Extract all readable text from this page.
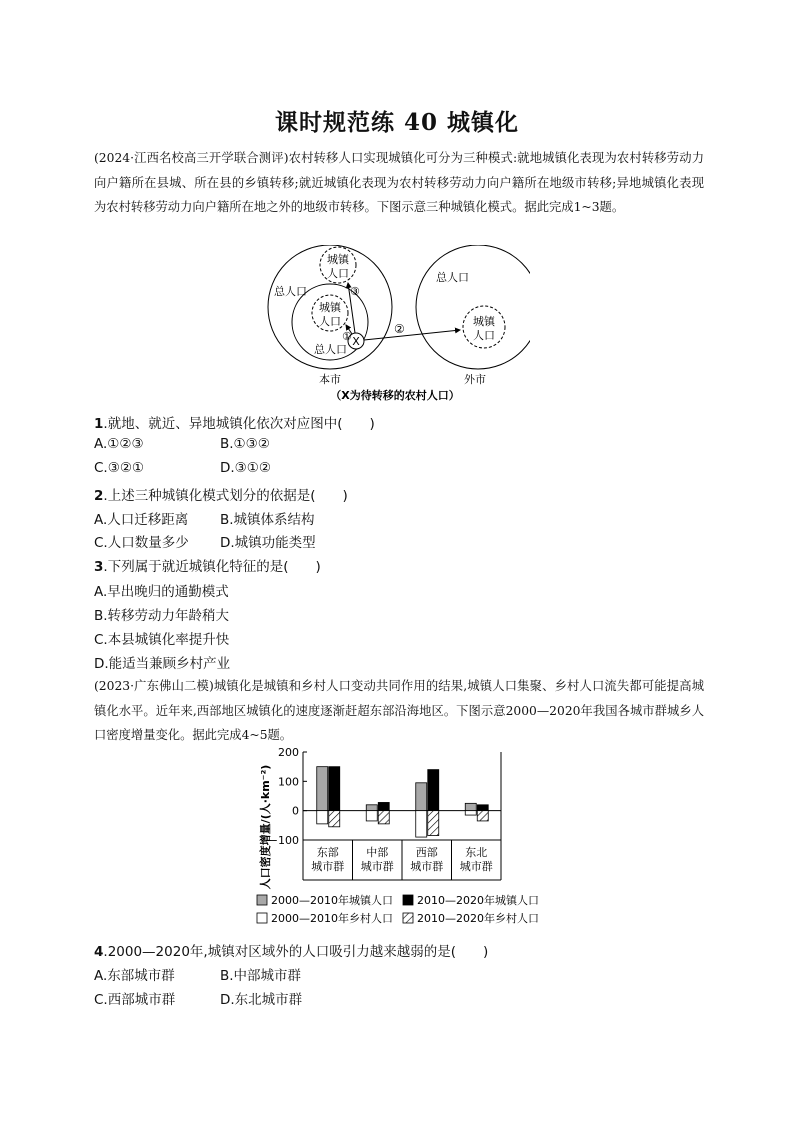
课时规范练 40 城镇化
(2024·江西名校高三开学联合测评)农村转移人口实现城镇化可分为三种模式:就地城镇化表现为农村转移劳动力向户籍所在县城、所在县的乡镇转移;就近城镇化表现为农村转移劳动力向户籍所在地级市转移;异地城镇化表现为农村转移劳动力向户籍所在地之外的地级市转移。下图示意三种城镇化模式。据此完成1~3题。
X
城镇
人口
城镇
人口	城镇
人口
总人口
总人口
总人口
①
②
③
本市	外市
（X为待转移的农村人口）
1.就地、就近、异地城镇化依次对应图中(　　)
A.①②③	B.①③②
C.③②①	D.③①②
2.上述三种城镇化模式划分的依据是(　　)
A.人口迁移距离 B.城镇体系结构
C.人口数量多少 D.城镇功能类型
3.下列属于就近城镇化特征的是(　　)
A.早出晚归的通勤模式
B.转移劳动力年龄稍大
C.本县城镇化率提升快
D.能适当兼顾乡村产业
(2023·广东佛山二模)城镇化是城镇和乡村人口变动共同作用的结果,城镇人口集聚、乡村人口流失都可能提高城镇化水平。近年来,西部地区城镇化的速度逐渐赶超东部沿海地区。下图示意2000—2020年我国各城市群城乡人口密度增量变化。据此完成4~5题。
200
100
0
−100
人口密度增量/(人·km⁻²)	东部
城市群
中部
城市群
西部
城市群
东北
城市群
2000—2010年城镇人口 2010—2020年城镇人口
2000—2010年乡村人口 2010—2020年乡村人口
4.2000—2020年,城镇对区域外的人口吸引力越来越弱的是(　　)
A.东部城市群	B.中部城市群
C.西部城市群	D.东北城市群
